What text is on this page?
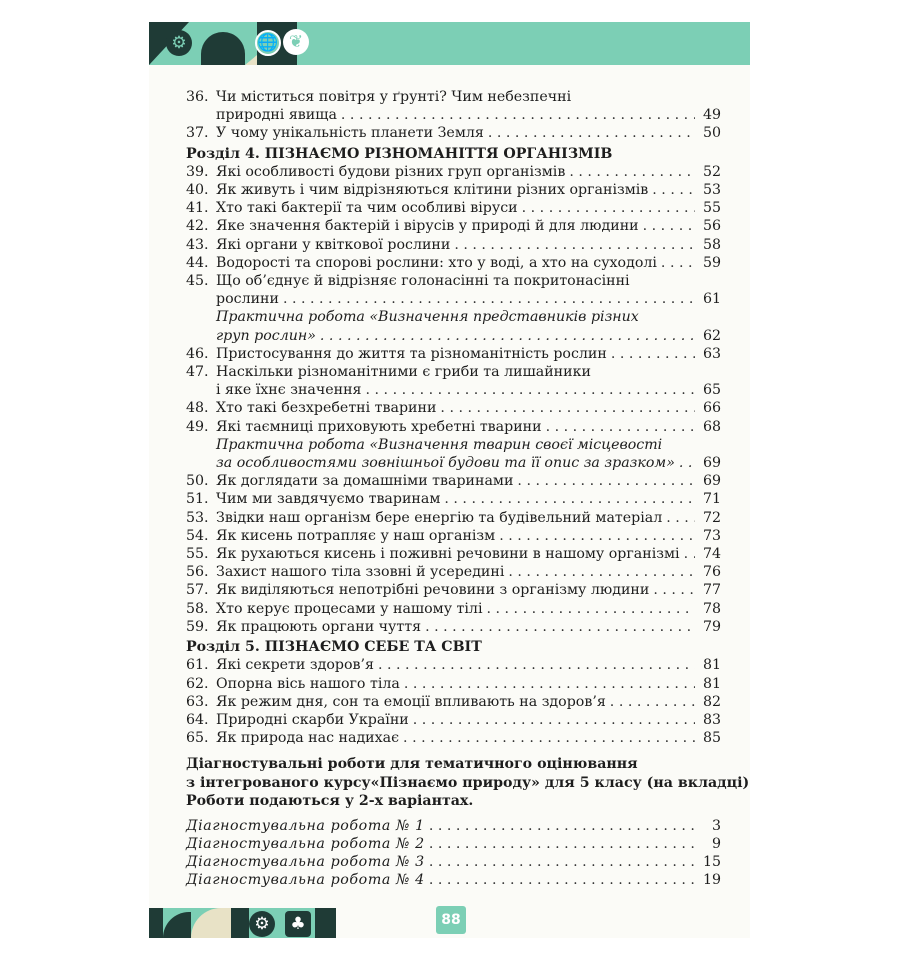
⚙	🌐 ❦
36. Чи міститься повітря у ґрунті? Чим небезпечні
природні явища . . .	49
37. У чому унікальність планети Земля . . .	50
Розділ 4. ПІЗНАЄМО РІЗНОМАНІТТЯ ОРГАНІЗМІВ
39. Які особливості будови різних груп організмів . . .	52
40. Як живуть і чим відрізняються клітини різних організмів . . .	53
41. Хто такі бактерії та чим особливі віруси . . .	55
42. Яке значення бактерій і вірусів у природі й для людини . . .	56
43. Які органи у квіткової рослини . . .	58
44. Водорості та спорові рослини: хто у воді, а хто на суходолі . . .	59
45. Що об’єднує й відрізняє голонасінні та покритонасінні
рослини . . .	61
Практична робота «Визначення представників різних
груп рослин» . . .	62
46. Пристосування до життя та різноманітність рослин . . .	63
47. Наскільки різноманітними є гриби та лишайники
і яке їхнє значення . . .	65
48. Хто такі безхребетні тварини . . .	66
49. Які таємниці приховують хребетні тварини . . .	68
Практична робота «Визначення тварин своєї місцевості
за особливостями зовнішньої будови та її опис за зразком» . . .	69
50. Як доглядати за домашніми тваринами . . .	69
51. Чим ми завдячуємо тваринам . . .	71
53. Звідки наш організм бере енергію та будівельний матеріал . . .	72
54. Як кисень потрапляє у наш організм . . .	73
55. Як рухаються кисень і поживні речовини в нашому організмі . . .	74
56. Захист нашого тіла ззовні й усередині . . .	76
57. Як виділяються непотрібні речовини з організму людини . . .	77
58. Хто керує процесами у нашому тілі . . .	78
59. Як працюють органи чуття . . .	79
Розділ 5. ПІЗНАЄМО СЕБЕ ТА СВІТ
61. Які секрети здоров’я . . .	81
62. Опорна вісь нашого тіла . . .	81
63. Як режим дня, сон та емоції впливають на здоров’я . . .	82
64. Природні скарби України . . .	83
65. Як природа нас надихає . . .	85
Діагностувальні роботи для тематичного оцінювання
з інтегрованого курсу«Пізнаємо природу» для 5 класу (на вкладці)
Роботи подаються у 2-х варіантах.
Діагностувальна робота № 1 . . .	3
Діагностувальна робота № 2 . . .	9
Діагностувальна робота № 3 . . .	15
Діагностувальна робота № 4 . . .	19
⚙	♣	88
